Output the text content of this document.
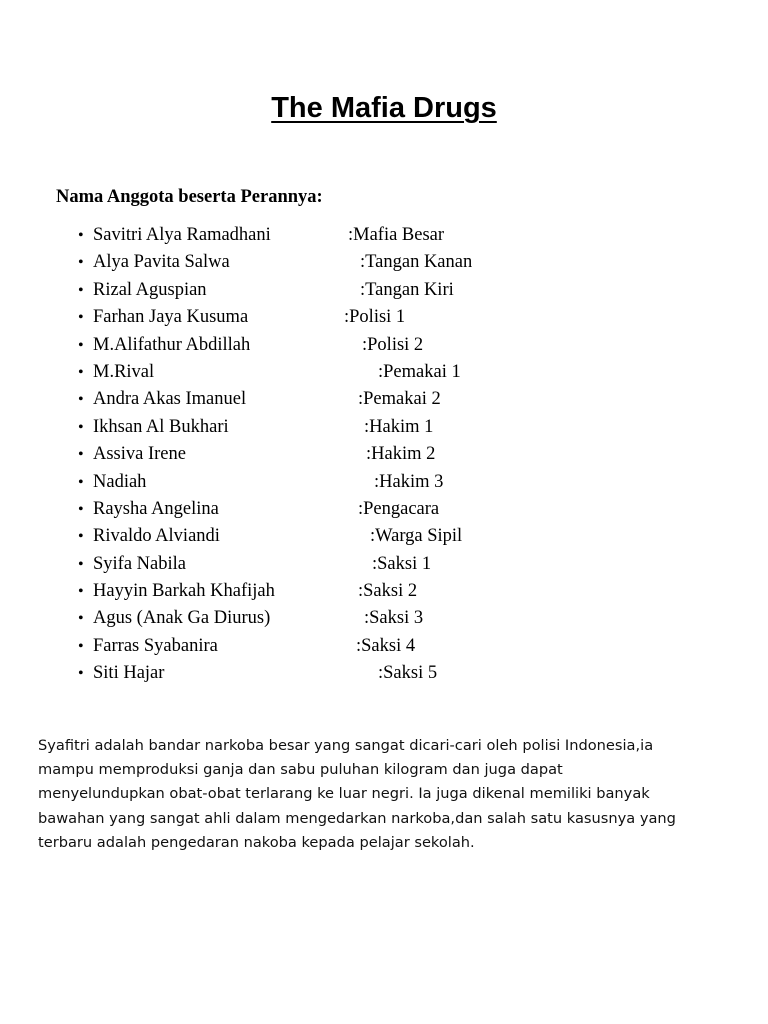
The Mafia Drugs
Nama Anggota beserta Perannya:
• Savitri Alya Ramadhani	:Mafia Besar
• Alya Pavita Salwa	:Tangan Kanan
• Rizal Aguspian	:Tangan Kiri
• Farhan Jaya Kusuma	:Polisi 1
• M.Alifathur Abdillah	:Polisi 2
• M.Rival	:Pemakai 1
• Andra Akas Imanuel	:Pemakai 2
• Ikhsan Al Bukhari	:Hakim 1
• Assiva Irene	:Hakim 2
• Nadiah	:Hakim 3
• Raysha Angelina	:Pengacara
• Rivaldo Alviandi	:Warga Sipil
• Syifa Nabila	:Saksi 1
• Hayyin Barkah Khafijah	:Saksi 2
• Agus (Anak Ga Diurus)	:Saksi 3
• Farras Syabanira	:Saksi 4
• Siti Hajar	:Saksi 5

Syafitri adalah bandar narkoba besar yang sangat dicari-cari oleh polisi Indonesia,ia mampu memproduksi ganja dan sabu puluhan kilogram dan juga dapat menyelundupkan obat-obat terlarang ke luar negri. Ia juga dikenal memiliki banyak bawahan yang sangat ahli dalam mengedarkan narkoba,dan salah satu kasusnya yang terbaru adalah pengedaran nakoba kepada pelajar sekolah.
